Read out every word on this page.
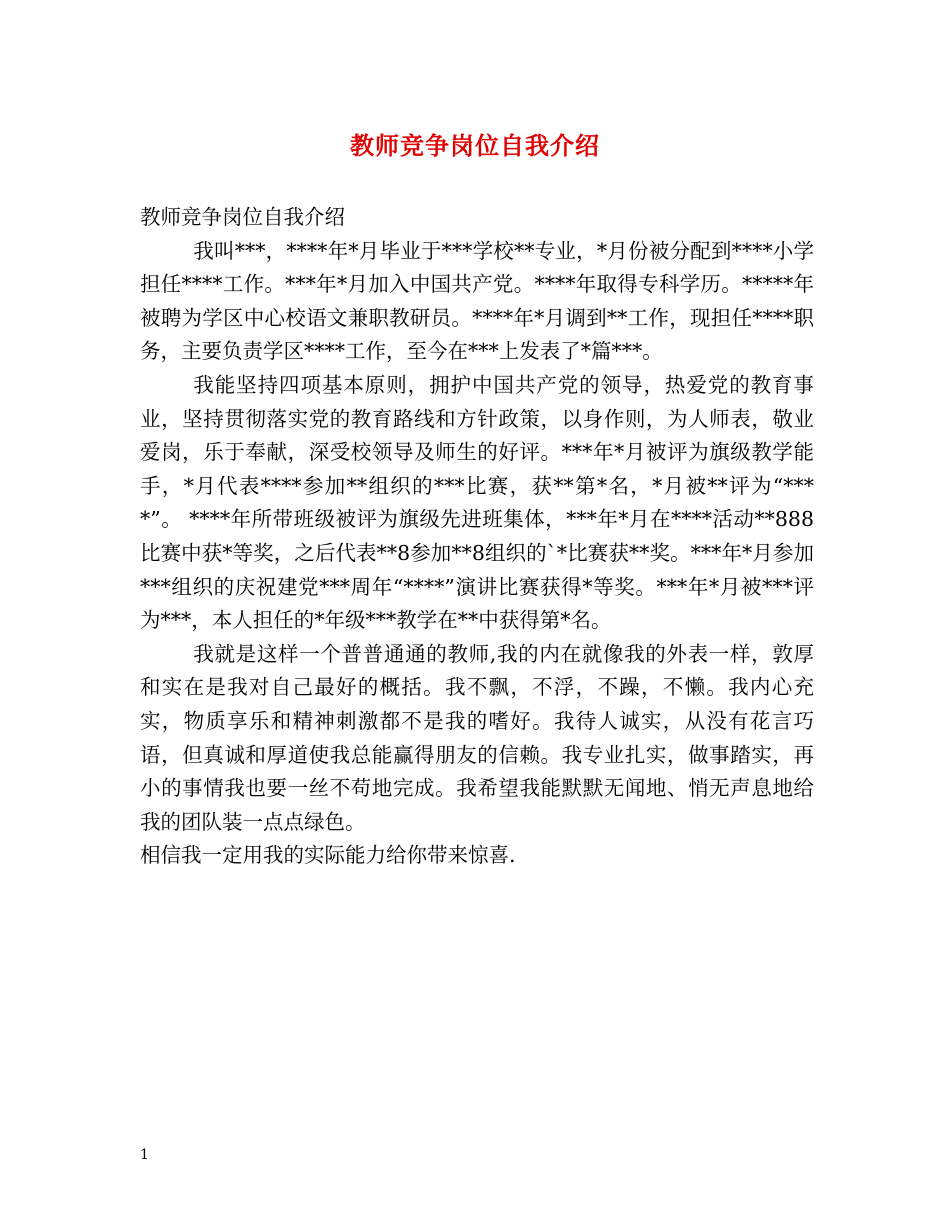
教师竞争岗位自我介绍

教师竞争岗位自我介绍

我叫***，****年*月毕业于***学校**专业，*月份被分配到****小学担任****工作。***年*月加入中国共产党。****年取得专科学历。*****年被聘为学区中心校语文兼职教研员。****年*月调到**工作，现担任****职务，主要负责学区****工作，至今在***上发表了*篇***。

我能坚持四项基本原则，拥护中国共产党的领导，热爱党的教育事业，坚持贯彻落实党的教育路线和方针政策，以身作则，为人师表，敬业爱岗，乐于奉献，深受校领导及师生的好评。***年*月被评为旗级教学能手，*月代表****参加**组织的***比赛，获**第*名，*月被**评为“****”。 ****年所带班级被评为旗级先进班集体，***年*月在****活动**888比赛中获*等奖，之后代表**8参加**8组织的`*比赛获**奖。***年*月参加***组织的庆祝建党***周年“****”演讲比赛获得*等奖。***年*月被***评为***，本人担任的*年级***教学在**中获得第*名。

我就是这样一个普普通通的教师,我的内在就像我的外表一样，敦厚和实在是我对自己最好的概括。我不飘，不浮，不躁，不懒。我内心充实，物质享乐和精神刺激都不是我的嗜好。我待人诚实，从没有花言巧语，但真诚和厚道使我总能赢得朋友的信赖。我专业扎实，做事踏实，再小的事情我也要一丝不苟地完成。我希望我能默默无闻地、悄无声息地给我的团队装一点点绿色。

相信我一定用我的实际能力给你带来惊喜.

1
